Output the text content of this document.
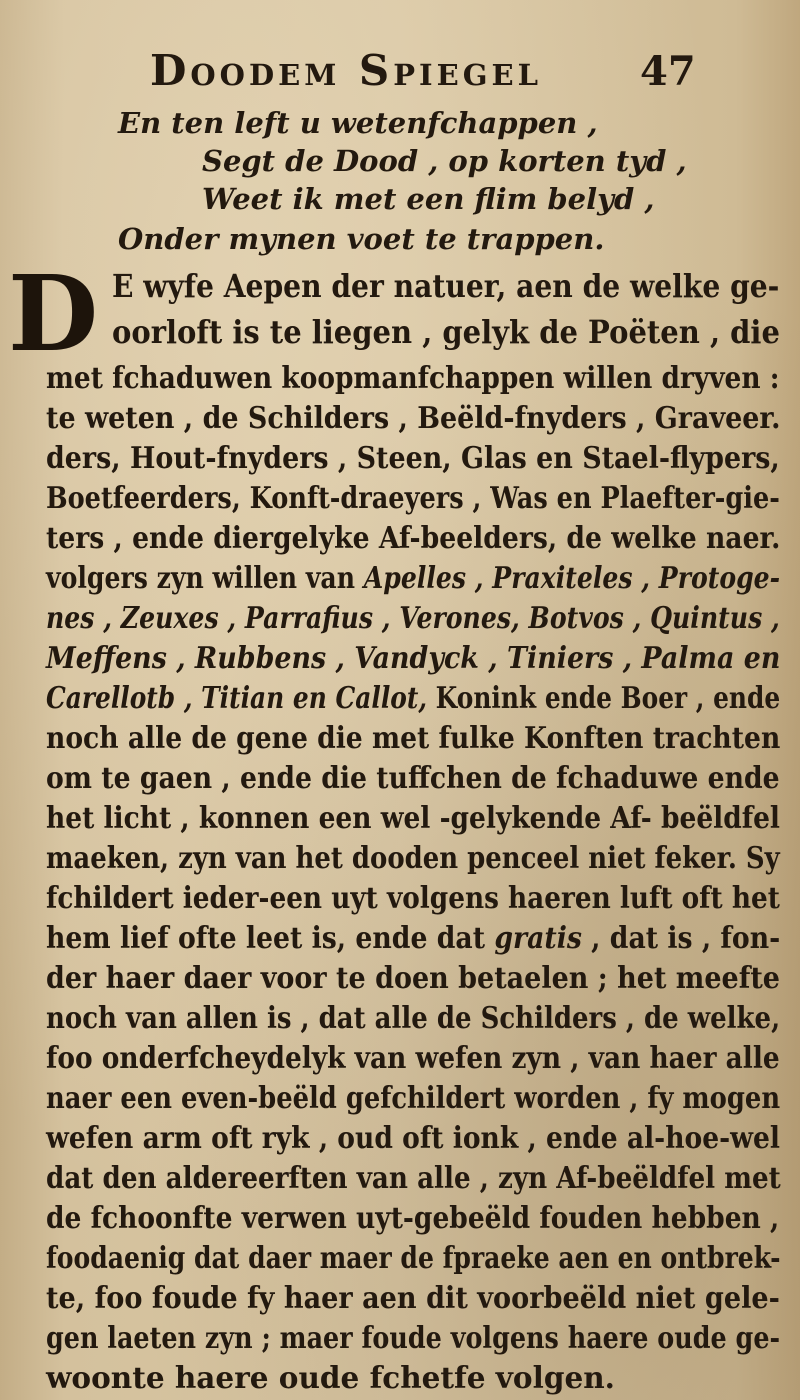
Doodem Spiegel 47
En ten left u wetenfchappen ,
Segt de Dood , op korten tyd ,
Weet ik met een flim belyd ,
Onder mynen voet te trappen.
D E wyfe Aepen der natuer, aen de welke ge-
oorloft is te liegen , gelyk de Poëten , die
met fchaduwen koopmanfchappen willen dryven :
te weten , de Schilders , Beëld-fnyders , Graveer.
ders, Hout-fnyders , Steen, Glas en Stael-flypers,
Boetfeerders, Konft-draeyers , Was en Plaefter-gie-
ters , ende diergelyke Af-beelders, de welke naer.
volgers zyn willen van Apelles , Praxiteles , Protoge-
nes , Zeuxes , Parrafius , Verones, Botvos , Quintus ,
Meffens , Rubbens , Vandyck , Tiniers , Palma en
Carellotb , Titian en Callot, Konink ende Boer , ende
noch alle de gene die met fulke Konften trachten
om te gaen , ende die tuffchen de fchaduwe ende
het licht , konnen een wel -gelykende Af- beëldfel
maeken, zyn van het dooden penceel niet feker. Sy
fchildert ieder-een uyt volgens haeren luft oft het
hem lief ofte leet is, ende dat gratis , dat is , fon-
der haer daer voor te doen betaelen ; het meefte
noch van allen is , dat alle de Schilders , de welke,
foo onderfcheydelyk van wefen zyn , van haer alle
naer een even-beëld gefchildert worden , fy mogen
wefen arm oft ryk , oud oft ionk , ende al-hoe-wel
dat den aldereerften van alle , zyn Af-beëldfel met
de fchoonfte verwen uyt-gebeëld fouden hebben ,
foodaenig dat daer maer de fpraeke aen en ontbrek-
te, foo foude fy haer aen dit voorbeëld niet gele-
gen laeten zyn ; maer foude volgens haere oude ge-
woonte haere oude fchetfe volgen.
